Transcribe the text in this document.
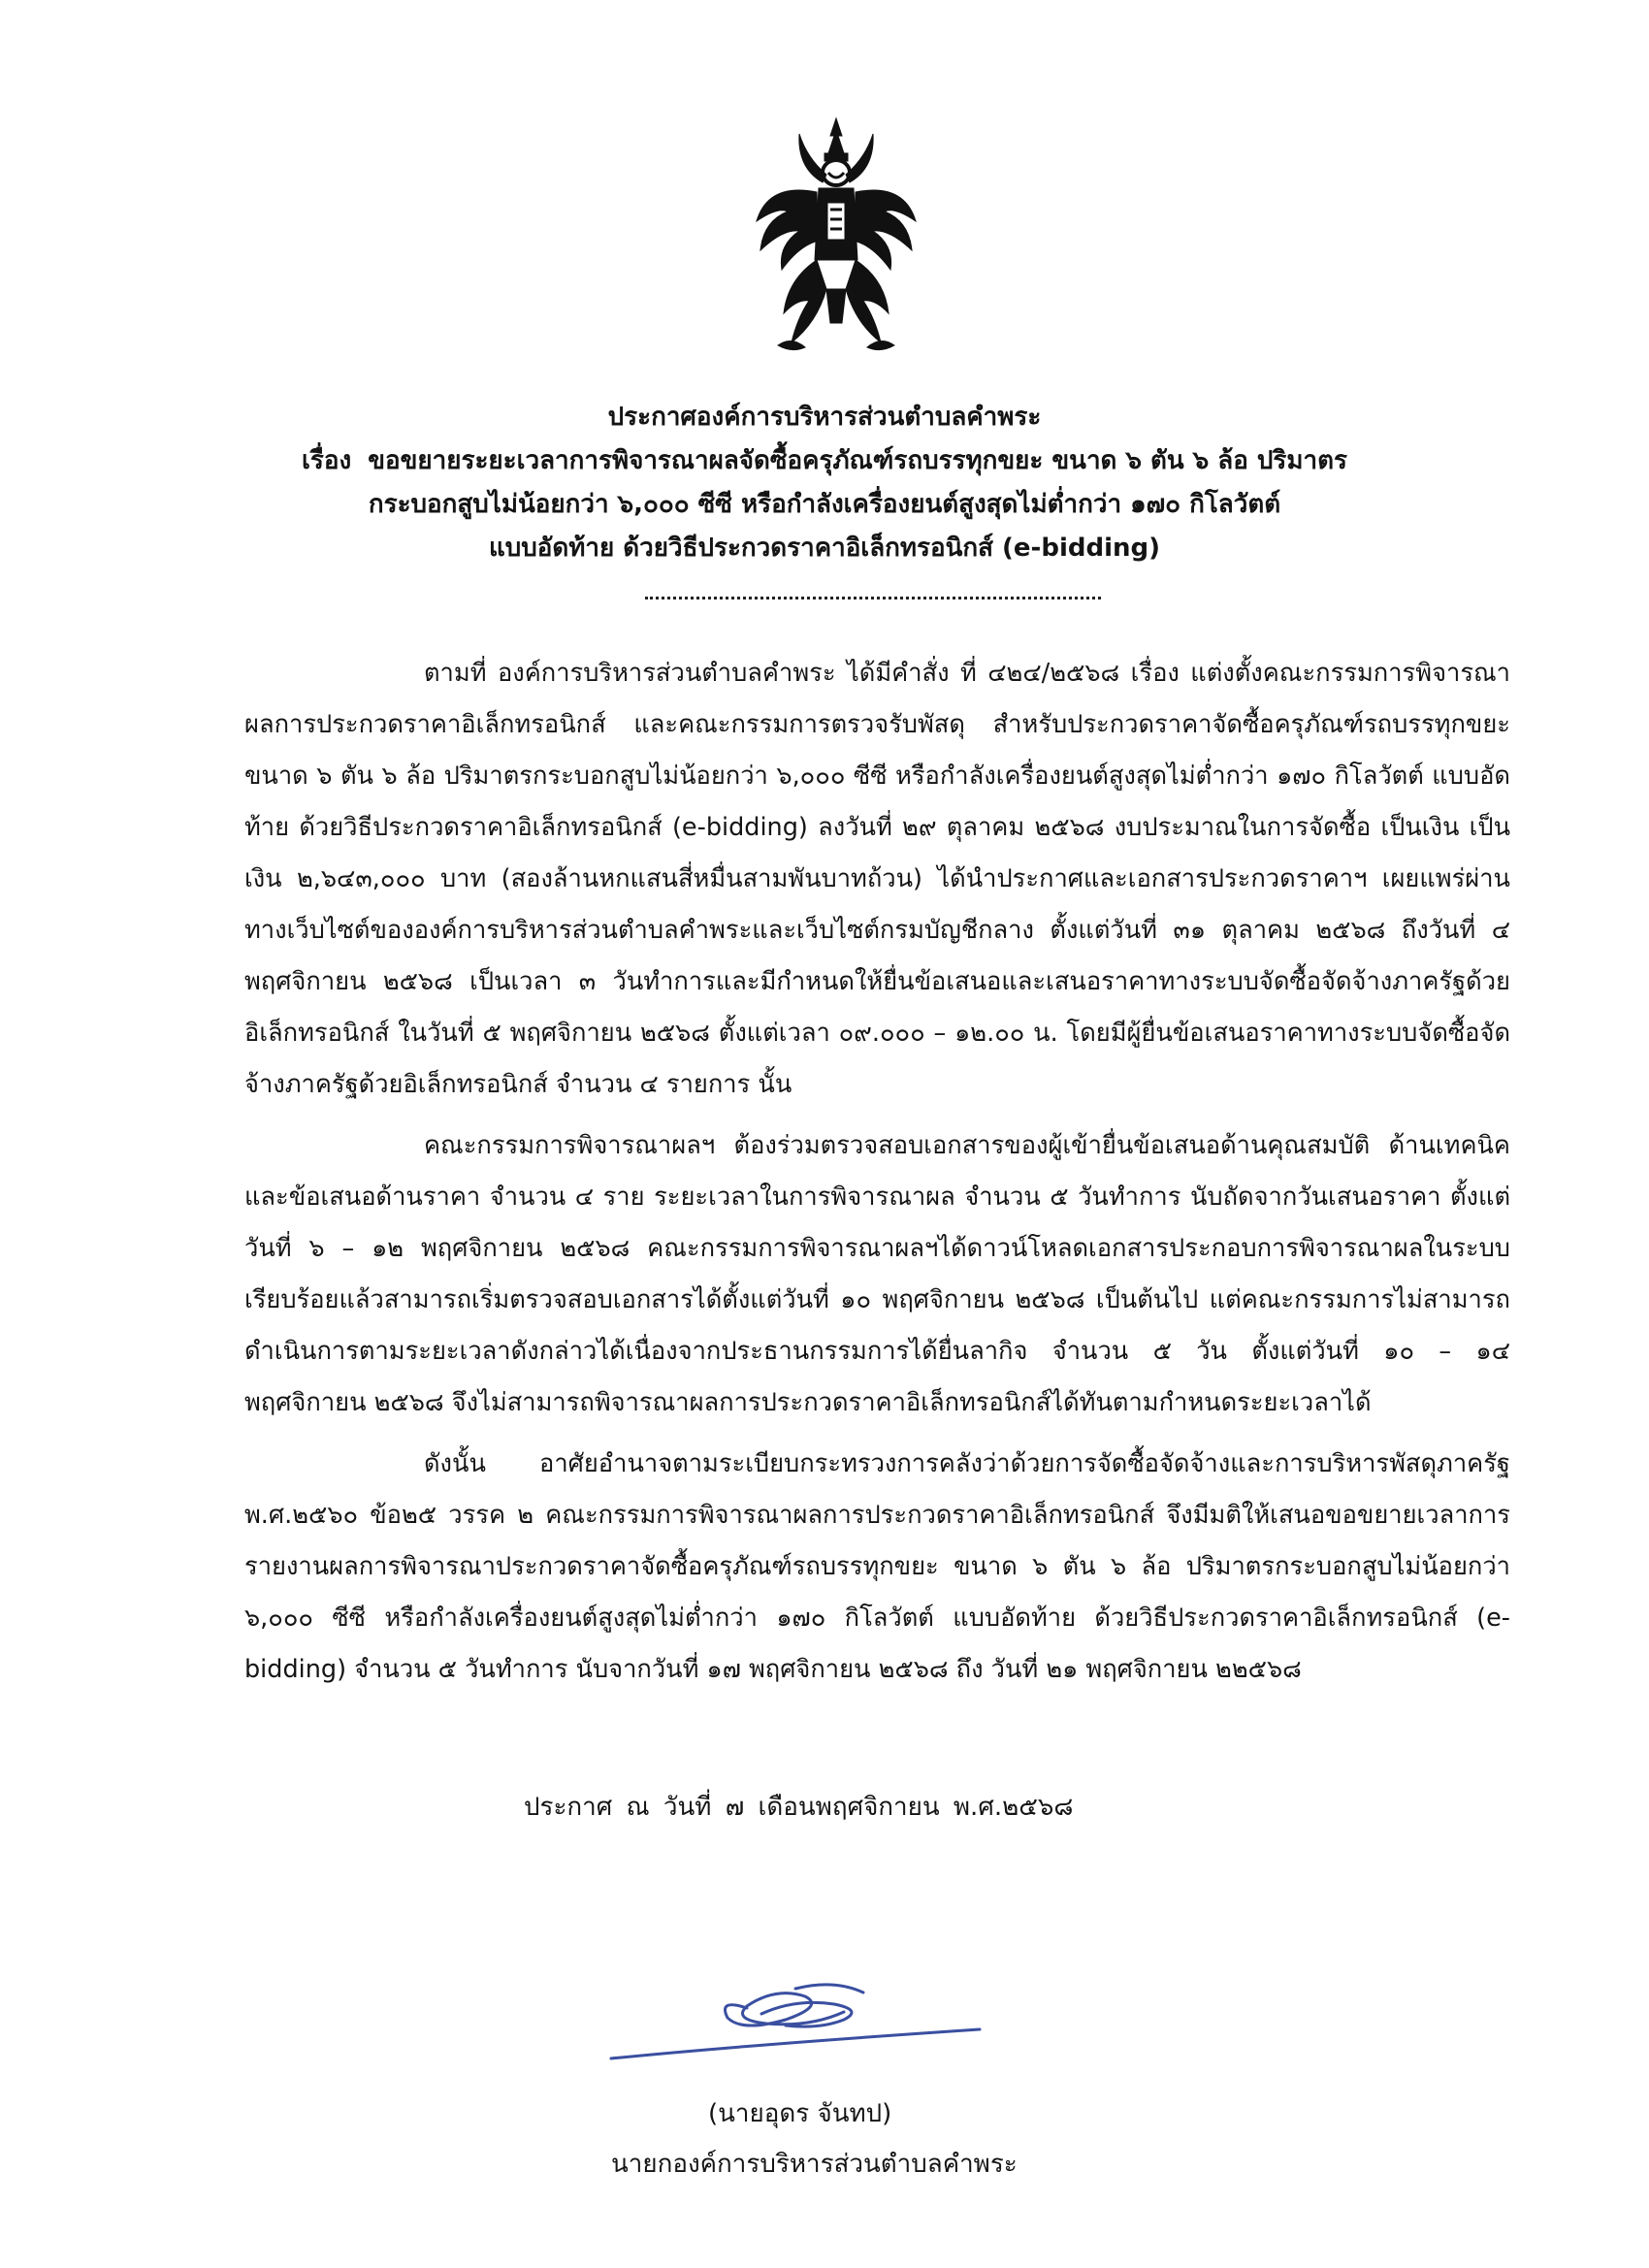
ประกาศองค์การบริหารส่วนตำบลคำพระ
เรื่อง ขอขยายระยะเวลาการพิจารณาผลจัดซื้อครุภัณฑ์รถบรรทุกขยะ ขนาด ๖ ตัน ๖ ล้อ ปริมาตร
กระบอกสูบไม่น้อยกว่า ๖,๐๐๐ ซีซี หรือกำลังเครื่องยนต์สูงสุดไม่ต่ำกว่า ๑๗๐ กิโลวัตต์
แบบอัดท้าย ด้วยวิธีประกวดราคาอิเล็กทรอนิกส์ (e-bidding)

ตามที่ องค์การบริหารส่วนตำบลคำพระ ได้มีคำสั่ง ที่ ๔๒๔/๒๕๖๘ เรื่อง แต่งตั้งคณะกรรมการพิจารณาผลการประกวดราคาอิเล็กทรอนิกส์ และคณะกรรมการตรวจรับพัสดุ สำหรับประกวดราคาจัดซื้อครุภัณฑ์รถบรรทุกขยะ ขนาด ๖ ตัน ๖ ล้อ ปริมาตรกระบอกสูบไม่น้อยกว่า ๖,๐๐๐ ซีซี หรือกำลังเครื่องยนต์สูงสุดไม่ต่ำกว่า ๑๗๐ กิโลวัตต์ แบบอัดท้าย ด้วยวิธีประกวดราคาอิเล็กทรอนิกส์ (e-bidding) ลงวันที่ ๒๙ ตุลาคม ๒๕๖๘ งบประมาณในการจัดซื้อ เป็นเงิน เป็นเงิน ๒,๖๔๓,๐๐๐ บาท (สองล้านหกแสนสี่หมื่นสามพันบาทถ้วน) ได้นำประกาศและเอกสารประกวดราคาฯ เผยแพร่ผ่านทางเว็บไซต์ขององค์การบริหารส่วนตำบลคำพระและเว็บไซต์กรมบัญชีกลาง ตั้งแต่วันที่ ๓๑ ตุลาคม ๒๕๖๘ ถึงวันที่ ๔ พฤศจิกายน ๒๕๖๘ เป็นเวลา ๓ วันทำการและมีกำหนดให้ยื่นข้อเสนอและเสนอราคาทางระบบจัดซื้อจัดจ้างภาครัฐด้วยอิเล็กทรอนิกส์ ในวันที่ ๕ พฤศจิกายน ๒๕๖๘ ตั้งแต่เวลา ๐๙.๐๐๐ – ๑๒.๐๐ น. โดยมีผู้ยื่นข้อเสนอราคาทางระบบจัดซื้อจัดจ้างภาครัฐด้วยอิเล็กทรอนิกส์ จำนวน ๔ รายการ นั้น

คณะกรรมการพิจารณาผลฯ ต้องร่วมตรวจสอบเอกสารของผู้เข้ายื่นข้อเสนอด้านคุณสมบัติ ด้านเทคนิคและข้อเสนอด้านราคา จำนวน ๔ ราย ระยะเวลาในการพิจารณาผล จำนวน ๕ วันทำการ นับถัดจากวันเสนอราคา ตั้งแต่วันที่ ๖ – ๑๒ พฤศจิกายน ๒๕๖๘ คณะกรรมการพิจารณาผลฯได้ดาวน์โหลดเอกสารประกอบการพิจารณาผลในระบบเรียบร้อยแล้วสามารถเริ่มตรวจสอบเอกสารได้ตั้งแต่วันที่ ๑๐ พฤศจิกายน ๒๕๖๘ เป็นต้นไป แต่คณะกรรมการไม่สามารถดำเนินการตามระยะเวลาดังกล่าวได้เนื่องจากประธานกรรมการได้ยื่นลากิจ จำนวน ๕ วัน ตั้งแต่วันที่ ๑๐ – ๑๔ พฤศจิกายน ๒๕๖๘ จึงไม่สามารถพิจารณาผลการประกวดราคาอิเล็กทรอนิกส์ได้ทันตามกำหนดระยะเวลาได้

ดังนั้น อาศัยอำนาจตามระเบียบกระทรวงการคลังว่าด้วยการจัดซื้อจัดจ้างและการบริหารพัสดุภาครัฐ พ.ศ.๒๕๖๐ ข้อ๒๕ วรรค ๒ คณะกรรมการพิจารณาผลการประกวดราคาอิเล็กทรอนิกส์ จึงมีมติให้เสนอขอขยายเวลาการรายงานผลการพิจารณาประกวดราคาจัดซื้อครุภัณฑ์รถบรรทุกขยะ ขนาด ๖ ตัน ๖ ล้อ ปริมาตรกระบอกสูบไม่น้อยกว่า ๖,๐๐๐ ซีซี หรือกำลังเครื่องยนต์สูงสุดไม่ต่ำกว่า ๑๗๐ กิโลวัตต์ แบบอัดท้าย ด้วยวิธีประกวดราคาอิเล็กทรอนิกส์ (e-bidding) จำนวน ๕ วันทำการ นับจากวันที่ ๑๗ พฤศจิกายน ๒๕๖๘ ถึง วันที่ ๒๑ พฤศจิกายน ๒๒๕๖๘

ประกาศ ณ วันที่ ๗ เดือนพฤศจิกายน พ.ศ.๒๕๖๘
(นายอุดร จันทป)
นายกองค์การบริหารส่วนตำบลคำพระ
